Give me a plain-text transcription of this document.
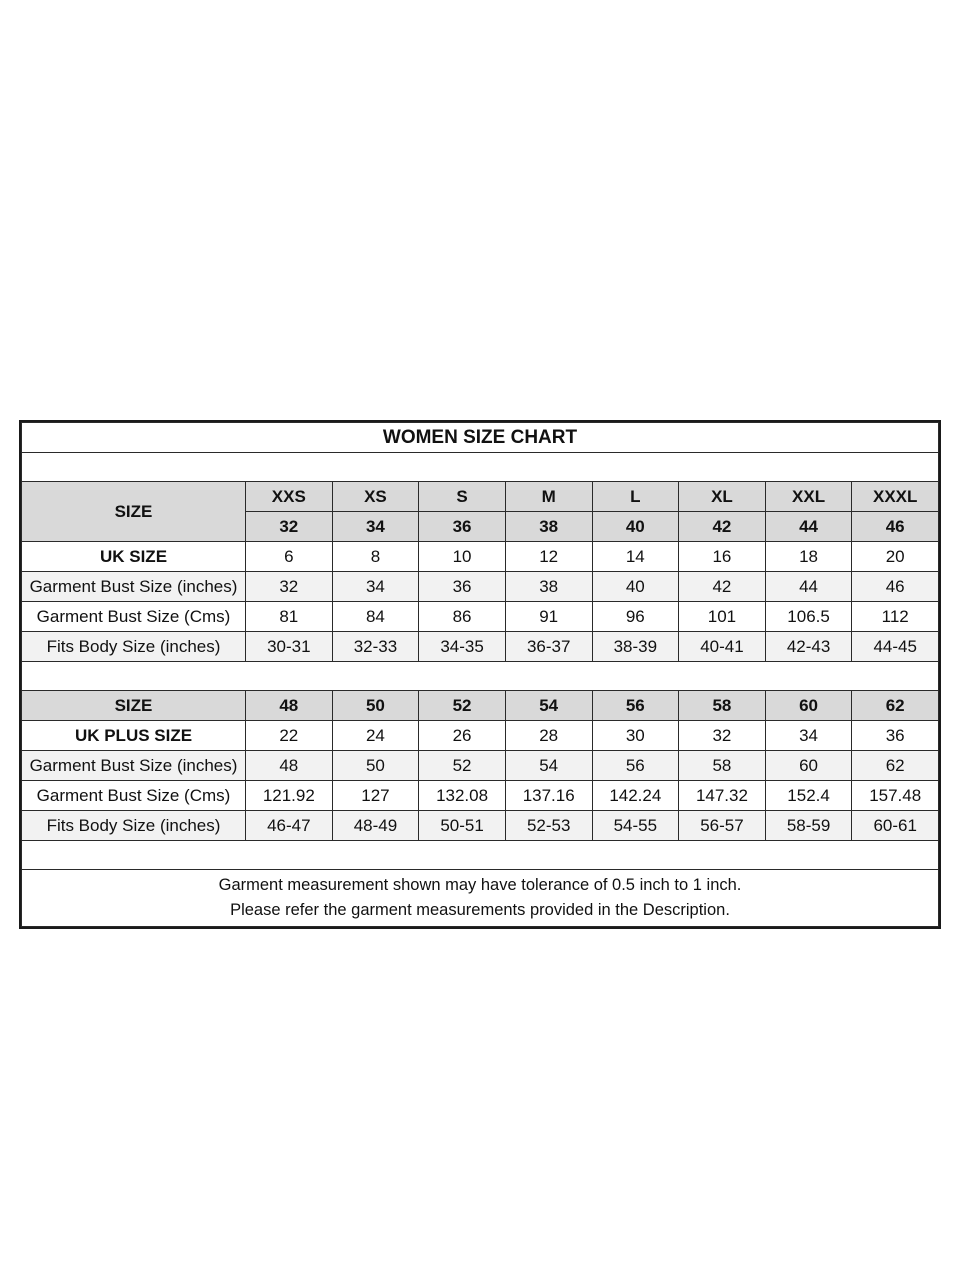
WOMEN SIZE CHART								

SIZE	XXS	XS	S	M	L	XL	XXL	XXXL
	32	34	36	38	40	42	44	46
UK SIZE	6	8	10	12	14	16	18	20
Garment Bust Size (inches)	32	34	36	38	40	42	44	46
Garment Bust Size (Cms)	81	84	86	91	96	101	106.5	112
Fits Body Size (inches)	30-31	32-33	34-35	36-37	38-39	40-41	42-43	44-45

SIZE	48	50	52	54	56	58	60	62
UK PLUS SIZE	22	24	26	28	30	32	34	36
Garment Bust Size (inches)	48	50	52	54	56	58	60	62
Garment Bust Size (Cms)	121.92	127	132.08	137.16	142.24	147.32	152.4	157.48
Fits Body Size (inches)	46-47	48-49	50-51	52-53	54-55	56-57	58-59	60-61

Garment measurement shown may have tolerance of 0.5 inch to 1 inch.
Please refer the garment measurements provided in the Description.								
